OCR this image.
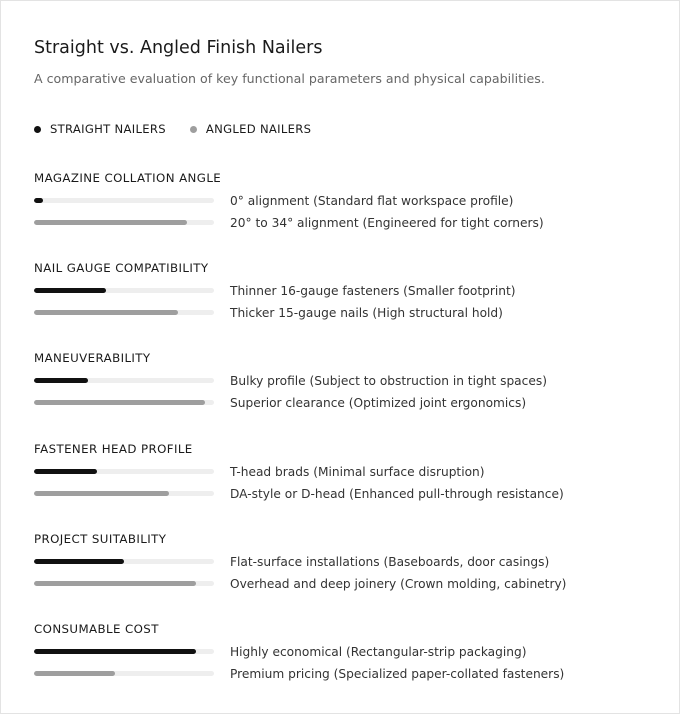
Straight vs. Angled Finish Nailers
A comparative evaluation of key functional parameters and physical capabilities.
STRAIGHT NAILERS	ANGLED NAILERS
MAGAZINE COLLATION ANGLE
0° alignment (Standard flat workspace profile)
20° to 34° alignment (Engineered for tight corners)
NAIL GAUGE COMPATIBILITY
Thinner 16-gauge fasteners (Smaller footprint)
Thicker 15-gauge nails (High structural hold)
MANEUVERABILITY
Bulky profile (Subject to obstruction in tight spaces)
Superior clearance (Optimized joint ergonomics)
FASTENER HEAD PROFILE
T-head brads (Minimal surface disruption)
DA-style or D-head (Enhanced pull-through resistance)
PROJECT SUITABILITY
Flat-surface installations (Baseboards, door casings)
Overhead and deep joinery (Crown molding, cabinetry)
CONSUMABLE COST
Highly economical (Rectangular-strip packaging)
Premium pricing (Specialized paper-collated fasteners)
